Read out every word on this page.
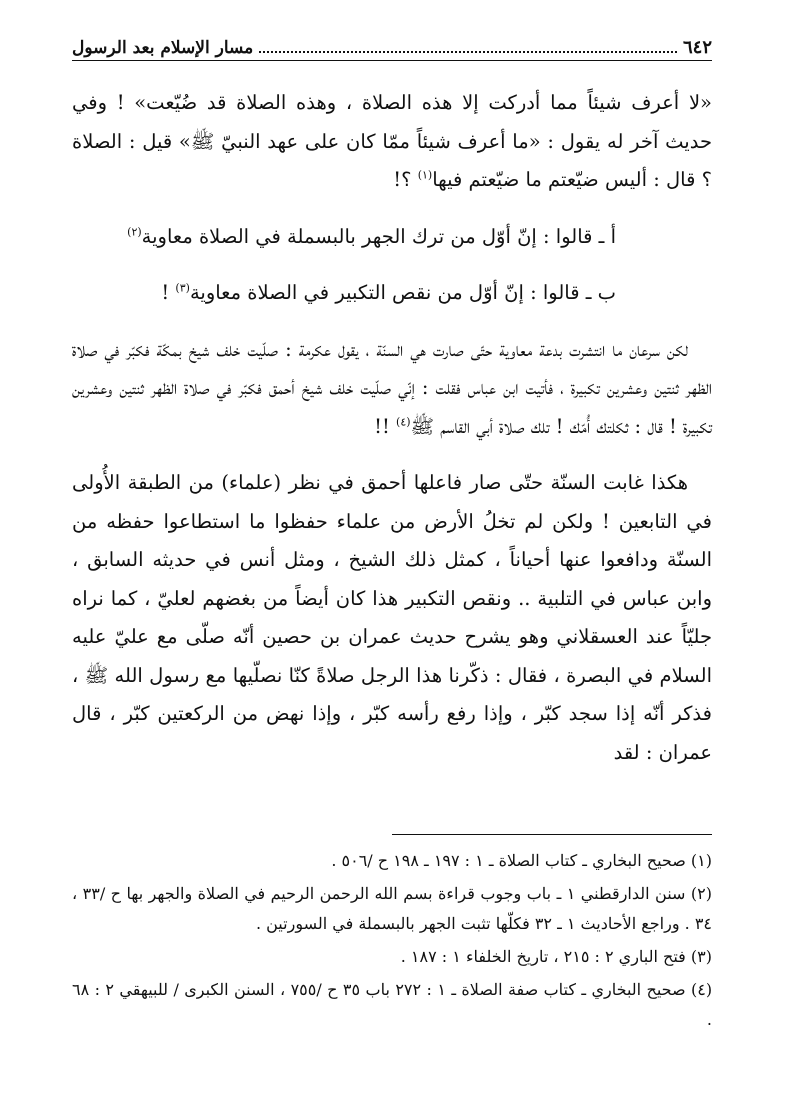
٦٤٢
مسار الإسلام بعد الرسول

«لا أعرف شيئاً مما أدركت إلا هذه الصلاة ، وهذه الصلاة قد ضُيّعت» ! وفي حديث آخر له يقول : «ما أعرف شيئاً ممّا كان على عهد النبيّ ﷺ» قيل : الصلاة ؟ قال : أليس ضيّعتم ما ضيّعتم فيها$^{(١)}$ ؟!

أ ـ قالوا : إنّ أوّل من ترك الجهر بالبسملة في الصلاة معاوية$^{(٢)}$
ب ـ قالوا : إنّ أوّل من نقص التكبير في الصلاة معاوية$^{(٣)}$ !

لكن سرعان ما انتشرت بدعة معاوية حتّى صارت هي السنّة ، يقول عكرمة : صلّيت خلف شيخ بمكّة فكبّر في صلاة الظهر ثنتين وعشرين تكبيرة ، فأتيت ابن عباس فقلت : إنّي صلّيت خلف شيخ أحمق فكبّر في صلاة الظهر ثنتين وعشرين تكبيرة ! قال : ثكلتك أُمّك ! تلك صلاة أبي القاسم ﷺ$^{(٤)}$ !!

هكذا غابت السنّة حتّى صار فاعلها أحمق في نظر (علماء) من الطبقة الأُولى في التابعين ! ولكن لم تخلُ الأرض من علماء حفظوا ما استطاعوا حفظه من السنّة ودافعوا عنها أحياناً ، كمثل ذلك الشيخ ، ومثل أنس في حديثه السابق ، وابن عباس في التلبية .. ونقص التكبير هذا كان أيضاً من بغضهم لعليّ ، كما نراه جليّاً عند العسقلاني وهو يشرح حديث عمران بن حصين أنّه صلّى مع عليّ عليه السلام في البصرة ، فقال : ذكّرنا هذا الرجل صلاةً كنّا نصلّيها مع رسول الله ﷺ ، فذكر أنّه إذا سجد كبّر ، وإذا رفع رأسه كبّر ، وإذا نهض من الركعتين كبّر ، قال عمران : لقد

(١) صحيح البخاري ـ كتاب الصلاة ـ ١ : ١٩٧ ـ ١٩٨ ح /٥٠٦ .
(٢) سنن الدارقطني ١ ـ باب وجوب قراءة بسم الله الرحمن الرحيم في الصلاة والجهر بها ح /٣٣ ، ٣٤ . وراجع الأحاديث ١ ـ ٣٢ فكلّها تثبت الجهر بالبسملة في السورتين .
(٣) فتح الباري ٢ : ٢١٥ ، تاريخ الخلفاء ١ : ١٨٧ .
(٤) صحيح البخاري ـ كتاب صفة الصلاة ـ ١ : ٢٧٢ باب ٣٥ ح /٧٥٥ ، السنن الكبرى / للبيهقي ٢ : ٦٨ .
